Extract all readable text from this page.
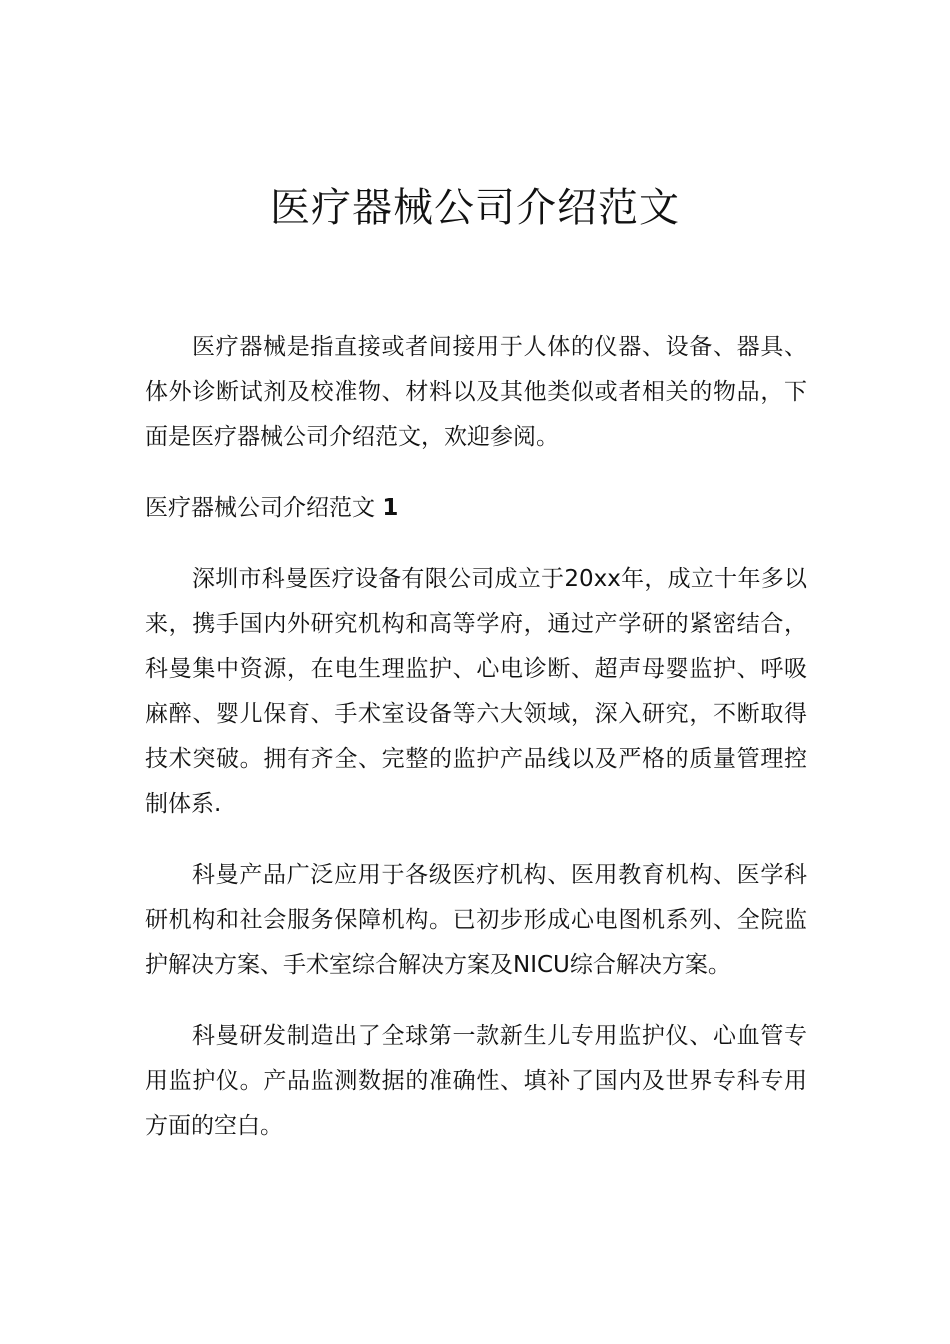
医疗器械公司介绍范文

医疗器械是指直接或者间接用于人体的仪器、设备、器具、体外诊断试剂及校准物、材料以及其他类似或者相关的物品，下面是医疗器械公司介绍范文，欢迎参阅。

医疗器械公司介绍范文 1

深圳市科曼医疗设备有限公司成立于20xx年，成立十年多以来，携手国内外研究机构和高等学府，通过产学研的紧密结合，科曼集中资源，在电生理监护、心电诊断、超声母婴监护、呼吸麻醉、婴儿保育、手术室设备等六大领域，深入研究，不断取得技术突破。拥有齐全、完整的监护产品线以及严格的质量管理控制体系.

科曼产品广泛应用于各级医疗机构、医用教育机构、医学科研机构和社会服务保障机构。已初步形成心电图机系列、全院监护解决方案、手术室综合解决方案及NICU综合解决方案。

科曼研发制造出了全球第一款新生儿专用监护仪、心血管专用监护仪。产品监测数据的准确性、填补了国内及世界专科专用方面的空白。
